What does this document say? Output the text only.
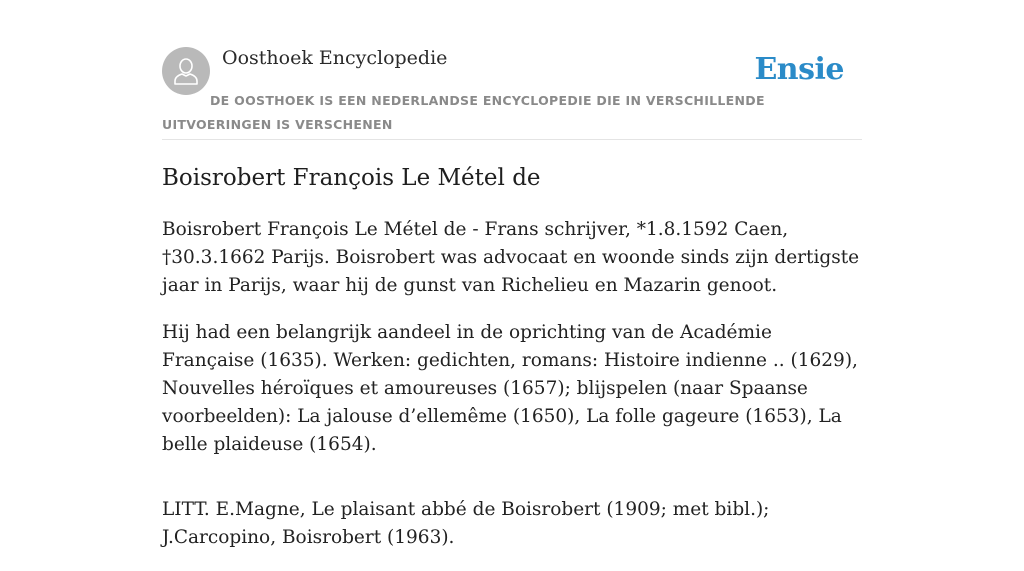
Oosthoek Encyclopedie	Ensie
DE OOSTHOEK IS EEN NEDERLANDSE ENCYCLOPEDIE DIE IN VERSCHILLENDE UITVOERINGEN IS VERSCHENEN
Boisrobert François Le Métel de

Boisrobert François Le Métel de - Frans schrijver, *1.8.1592 Caen, †30.3.1662 Parijs. Boisrobert was advocaat en woonde sinds zijn dertigste jaar in Parijs, waar hij de gunst van Richelieu en Mazarin genoot.

Hij had een belangrijk aandeel in de oprichting van de Académie Française (1635). Werken: gedichten, romans: Histoire indienne .. (1629), Nouvelles héroïques et amoureuses (1657); blijspelen (naar Spaanse voorbeelden): La jalouse d’ellemême (1650), La folle gageure (1653), La belle plaideuse (1654).

LITT. E.Magne, Le plaisant abbé de Boisrobert (1909; met bibl.); J.Carcopino, Boisrobert (1963).
